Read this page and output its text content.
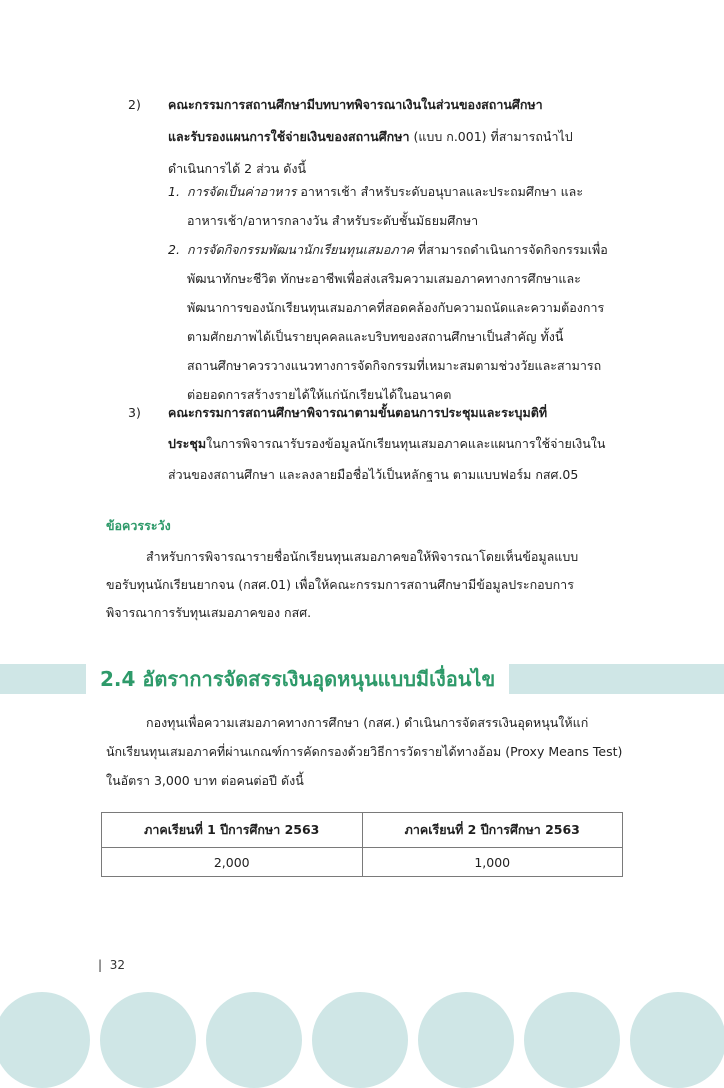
2) คณะกรรมการสถานศึกษามีบทบาทพิจารณาเงินในส่วนของสถานศึกษา
และรับรองแผนการใช้จ่ายเงินของสถานศึกษา (แบบ ก.001) ที่สามารถนำไป
ดำเนินการได้ 2 ส่วน ดังนี้
1. การจัดเป็นค่าอาหาร อาหารเช้า สำหรับระดับอนุบาลและประถมศึกษา และ
อาหารเช้า/อาหารกลางวัน สำหรับระดับชั้นมัธยมศึกษา
2. การจัดกิจกรรมพัฒนานักเรียนทุนเสมอภาค ที่สามารถดำเนินการจัดกิจกรรมเพื่อ
พัฒนาทักษะชีวิต ทักษะอาชีพเพื่อส่งเสริมความเสมอภาคทางการศึกษาและ
พัฒนาการของนักเรียนทุนเสมอภาคที่สอดคล้องกับความถนัดและความต้องการ
ตามศักยภาพได้เป็นรายบุคคลและบริบทของสถานศึกษาเป็นสำคัญ ทั้งนี้
สถานศึกษาควรวางแนวทางการจัดกิจกรรมที่เหมาะสมตามช่วงวัยและสามารถ
ต่อยอดการสร้างรายได้ให้แก่นักเรียนได้ในอนาคต
3) คณะกรรมการสถานศึกษาพิจารณาตามขั้นตอนการประชุมและระบุมติที่
ประชุมในการพิจารณารับรองข้อมูลนักเรียนทุนเสมอภาคและแผนการใช้จ่ายเงินใน
ส่วนของสถานศึกษา และลงลายมือชื่อไว้เป็นหลักฐาน ตามแบบฟอร์ม กสศ.05
ข้อควรระวัง
สำหรับการพิจารณารายชื่อนักเรียนทุนเสมอภาคขอให้พิจารณาโดยเห็นข้อมูลแบบ
ขอรับทุนนักเรียนยากจน (กสศ.01) เพื่อให้คณะกรรมการสถานศึกษามีข้อมูลประกอบการ
พิจารณาการรับทุนเสมอภาคของ กสศ.
2.4 อัตราการจัดสรรเงินอุดหนุนแบบมีเงื่อนไข
กองทุนเพื่อความเสมอภาคทางการศึกษา (กสศ.) ดำเนินการจัดสรรเงินอุดหนุนให้แก่
นักเรียนทุนเสมอภาคที่ผ่านเกณฑ์การคัดกรองด้วยวิธีการวัดรายได้ทางอ้อม (Proxy Means Test)
ในอัตรา 3,000 บาท ต่อคนต่อปี ดังนี้
ภาคเรียนที่ 1 ปีการศึกษา 2563	ภาคเรียนที่ 2 ปีการศึกษา 2563
2,000	1,000
| 32
